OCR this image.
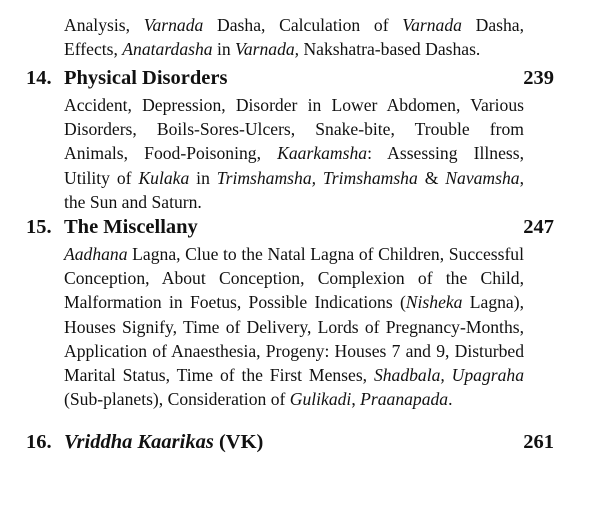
Analysis, Varnada Dasha, Calculation of Varnada Dasha, Effects, Anatardasha in Varnada, Nakshatra-based Dashas.
14. Physical Disorders	239
Accident, Depression, Disorder in Lower Abdomen, Various Disorders, Boils-Sores-Ulcers, Snake-bite, Trouble from Animals, Food-Poisoning, Kaarkamsha: Assessing Illness, Utility of Kulaka in Trimshamsha, Trimshamsha & Navamsha, the Sun and Saturn.
15. The Miscellany	247
Aadhana Lagna, Clue to the Natal Lagna of Children, Successful Conception, About Conception, Complexion of the Child, Malformation in Foetus, Possible Indications (Nisheka Lagna), Houses Signify, Time of Delivery, Lords of Pregnancy-Months, Application of Anaesthesia, Progeny: Houses 7 and 9, Disturbed Marital Status, Time of the First Menses, Shadbala, Upagraha (Sub-planets), Consideration of Gulikadi, Praanapada.
16. Vriddha Kaarikas (VK)	261
